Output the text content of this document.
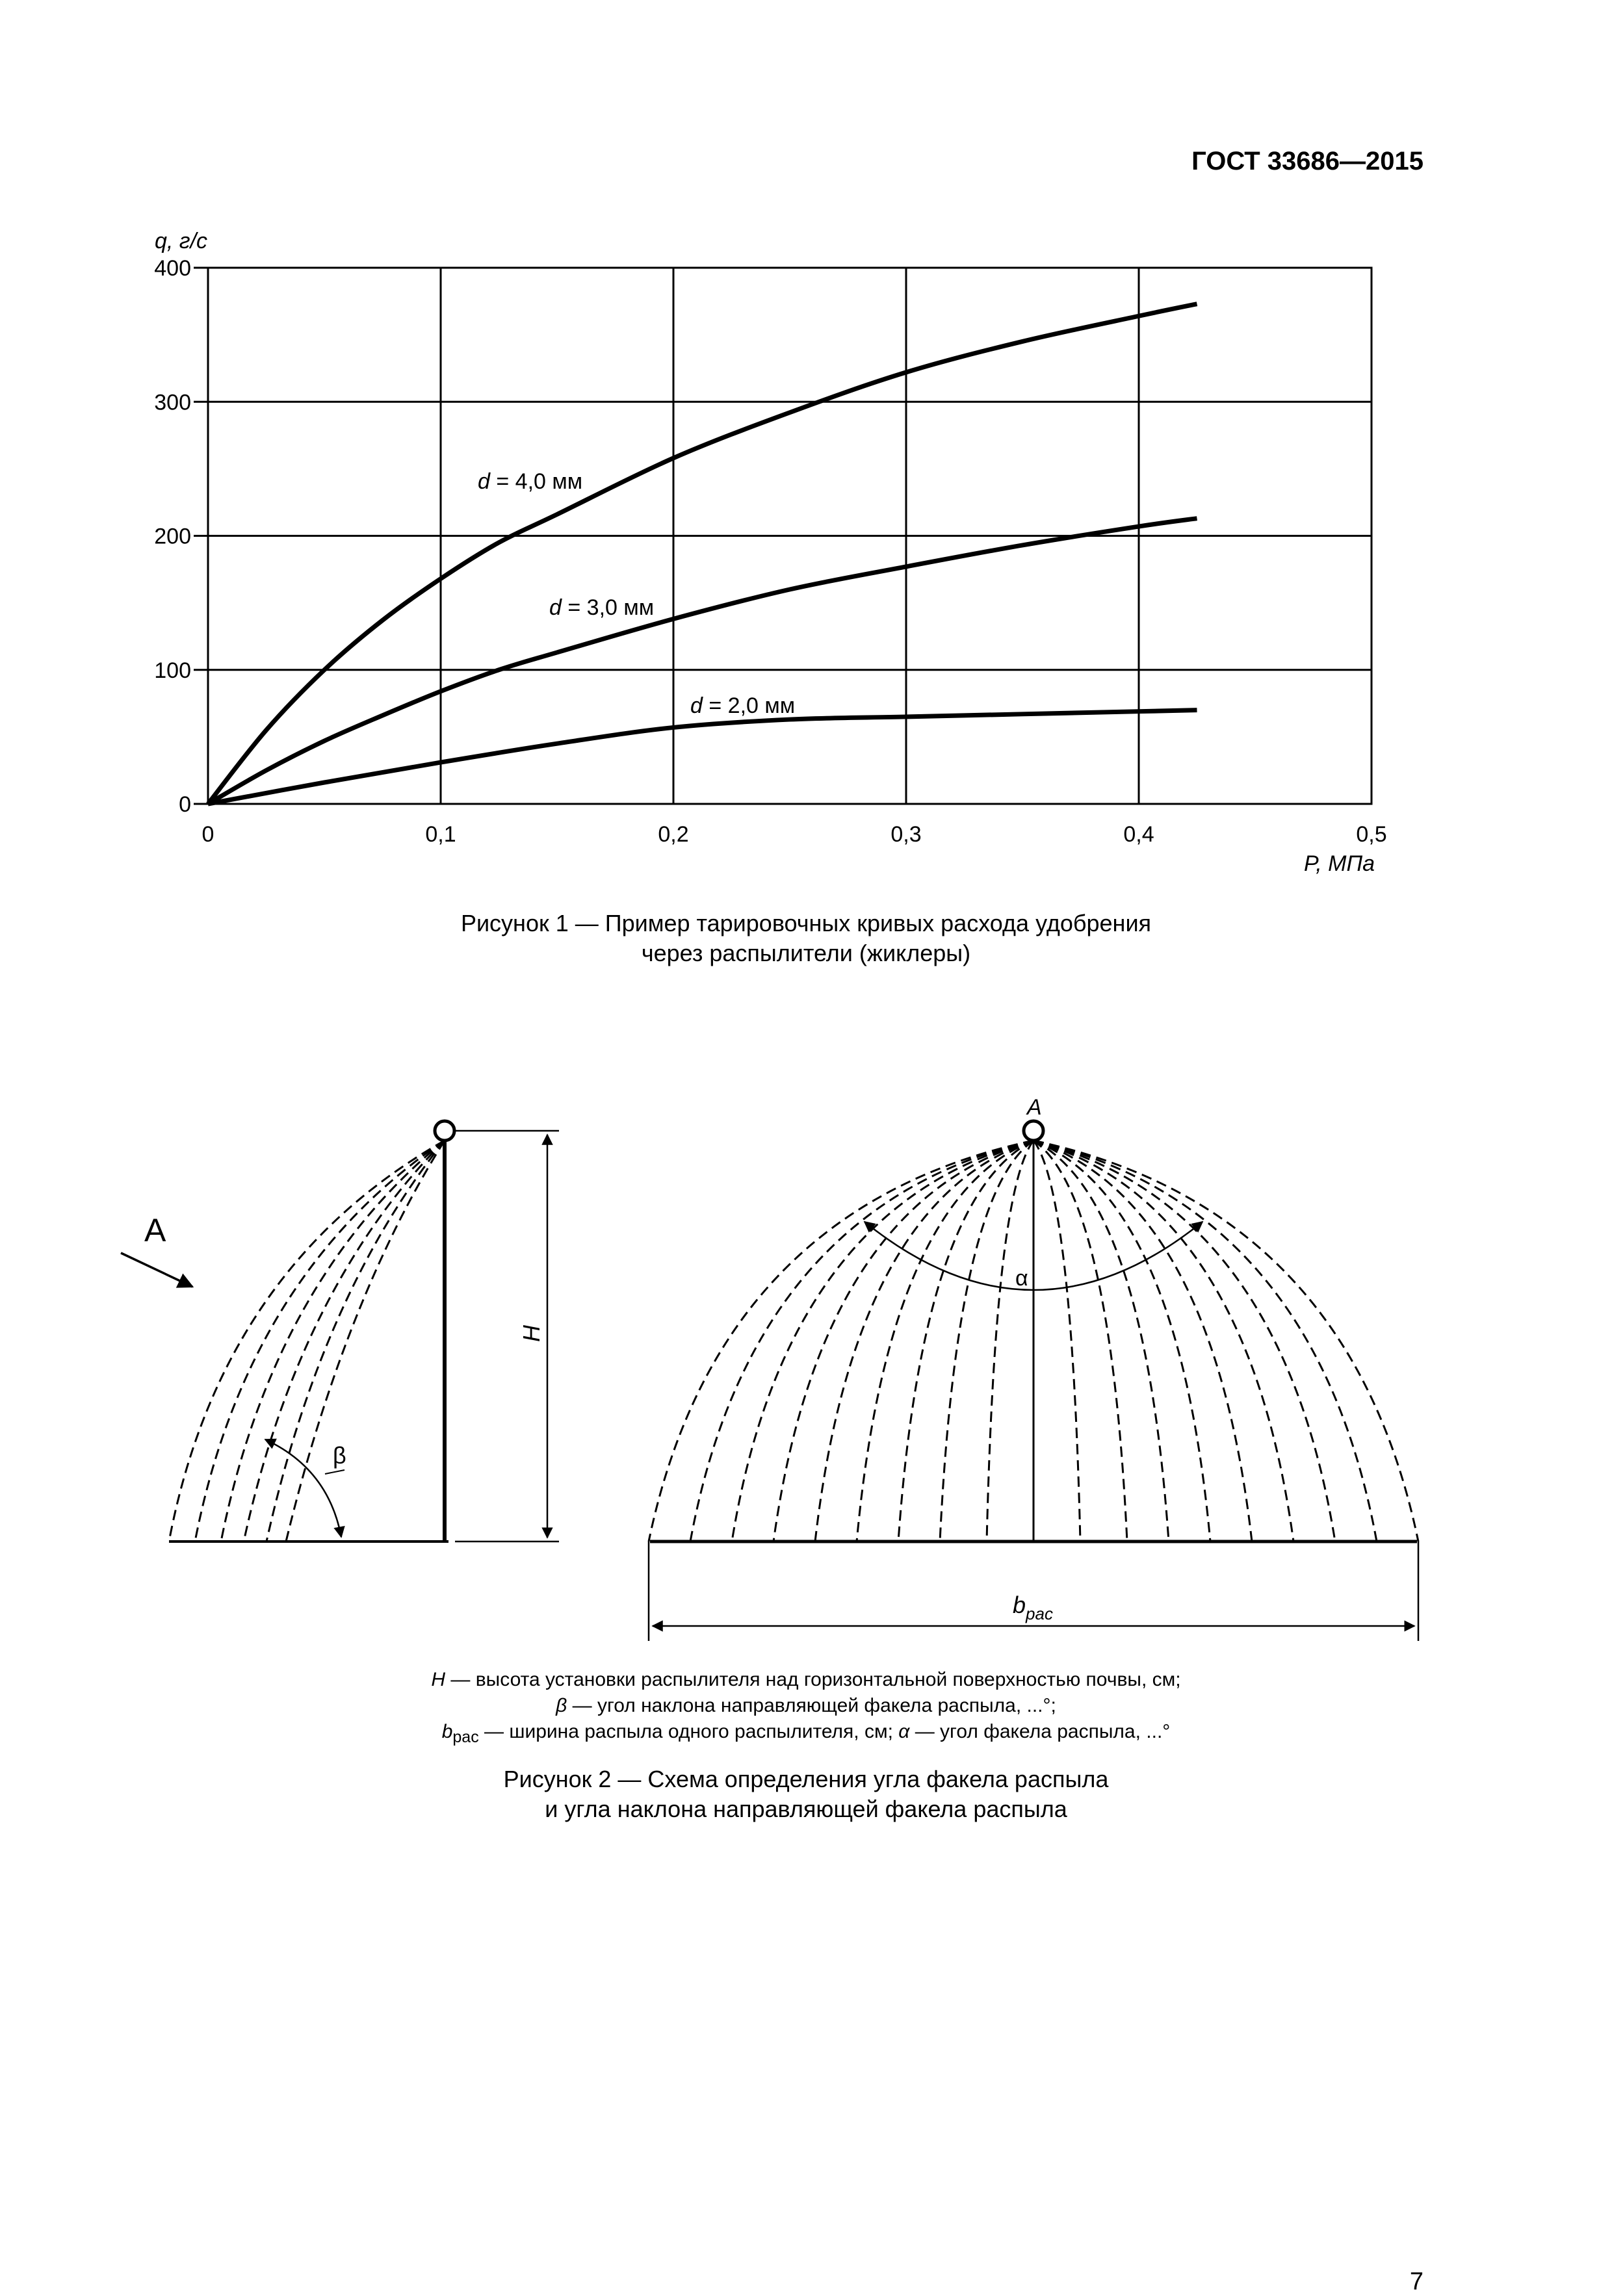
ГОСТ 33686—2015
0	0,1	0,2	0,3	0,4	0,5
0
100
200
300
400
q, г/с
P, МПа
d = 4,0 мм
d = 3,0 мм
d = 2,0 мм
Рисунок 1 — Пример тарировочных кривых расхода удобрения
через распылители (жиклеры)
H
β
A
A
α
$b_{рас}$
H — высота установки распылителя над горизонтальной поверхностью почвы, см;
β — угол наклона направляющей факела распыла, ...°;
$b_{рас}$ — ширина распыла одного распылителя, см; α — угол факела распыла, ...°
Рисунок 2 — Схема определения угла факела распыла
и угла наклона направляющей факела распыла
7
